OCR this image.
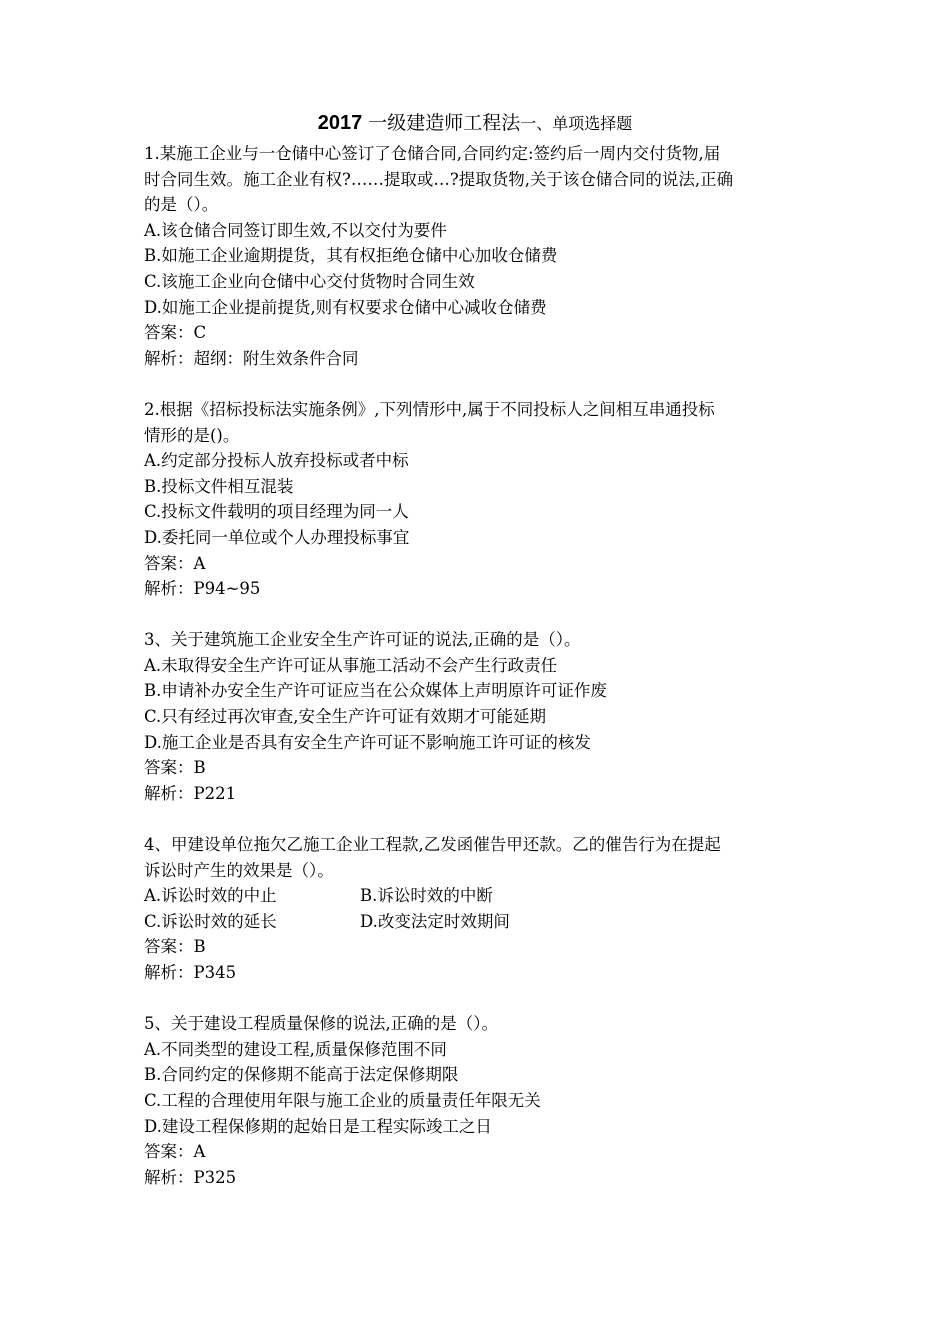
2017 一级建造师工程法一、单项选择题
1.某施工企业与一仓储中心签订了仓储合同,合同约定:签约后一周内交付货物,届
时合同生效。施工企业有权?……提取或…?提取货物,关于该仓储合同的说法,正确
的是（）。
A.该仓储合同签订即生效,不以交付为要件
B.如施工企业逾期提货，其有权拒绝仓储中心加收仓储费
C.该施工企业向仓储中心交付货物时合同生效
D.如施工企业提前提货,则有权要求仓储中心减收仓储费
答案：C
解析：超纲：附生效条件合同
2.根据《招标投标法实施条例》,下列情形中,属于不同投标人之间相互串通投标
情形的是()。
A.约定部分投标人放弃投标或者中标
B.投标文件相互混装
C.投标文件载明的项目经理为同一人
D.委托同一单位或个人办理投标事宜
答案：A
解析：P94~95
3、关于建筑施工企业安全生产许可证的说法,正确的是（）。
A.未取得安全生产许可证从事施工活动不会产生行政责任
B.申请补办安全生产许可证应当在公众媒体上声明原许可证作废
C.只有经过再次审查,安全生产许可证有效期才可能延期
D.施工企业是否具有安全生产许可证不影响施工许可证的核发
答案：B
解析：P221
4、甲建设单位拖欠乙施工企业工程款,乙发函催告甲还款。乙的催告行为在提起
诉讼时产生的效果是（）。
A.诉讼时效的中止	B.诉讼时效的中断
C.诉讼时效的延长	D.改变法定时效期间
答案：B
解析：P345
5、关于建设工程质量保修的说法,正确的是（）。
A.不同类型的建设工程,质量保修范围不同
B.合同约定的保修期不能高于法定保修期限
C.工程的合理使用年限与施工企业的质量责任年限无关
D.建设工程保修期的起始日是工程实际竣工之日
答案：A
解析：P325
